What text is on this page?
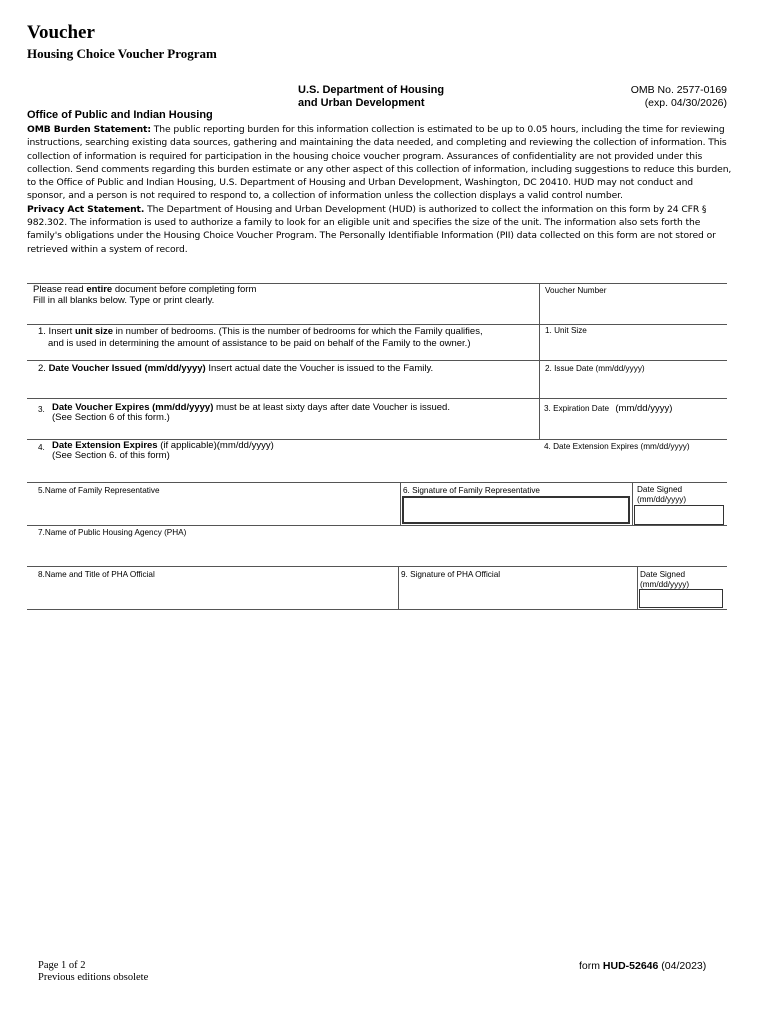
Voucher
Housing Choice Voucher Program
U.S. Department of Housing
and Urban Development
OMB No. 2577-0169
(exp. 04/30/2026)
Office of Public and Indian Housing
OMB Burden Statement: The public reporting burden for this information collection is estimated to be up to 0.05 hours, including the time for reviewing instructions, searching existing data sources, gathering and maintaining the data needed, and completing and reviewing the collection of information. This collection of information is required for participation in the housing choice voucher program. Assurances of confidentiality are not provided under this collection. Send comments regarding this burden estimate or any other aspect of this collection of information, including suggestions to reduce this burden, to the Office of Public and Indian Housing, U.S. Department of Housing and Urban Development, Washington, DC 20410. HUD may not conduct and sponsor, and a person is not required to respond to, a collection of information unless the collection displays a valid control number.
Privacy Act Statement. The Department of Housing and Urban Development (HUD) is authorized to collect the information on this form by 24 CFR § 982.302. The information is used to authorize a family to look for an eligible unit and specifies the size of the unit. The information also sets forth the family's obligations under the Housing Choice Voucher Program. The Personally Identifiable Information (PII) data collected on this form are not stored or retrieved within a system of record.
Please read entire document before completing form
Fill in all blanks below. Type or print clearly.
Voucher Number
1. Insert unit size in number of bedrooms. (This is the number of bedrooms for which the Family qualifies,
and is used in determining the amount of assistance to be paid on behalf of the Family to the owner.)
1. Unit Size
2. Date Voucher Issued (mm/dd/yyyy) Insert actual date the Voucher is issued to the Family.	2. Issue Date (mm/dd/yyyy)
3. Date Voucher Expires (mm/dd/yyyy) must be at least sixty days after date Voucher is issued.
(See Section 6 of this form.)
3. Expiration Date (mm/dd/yyyy)
4. Date Extension Expires (if applicable)(mm/dd/yyyy)
(See Section 6. of this form)
4. Date Extension Expires (mm/dd/yyyy)
5.Name of Family Representative	6. Signature of Family Representative	Date Signed
(mm/dd/yyyy)
7.Name of Public Housing Agency (PHA)
8.Name and Title of PHA Official	9. Signature of PHA Official	Date Signed
(mm/dd/yyyy)
Page 1 of 2
Previous editions obsolete
form HUD-52646 (04/2023)
